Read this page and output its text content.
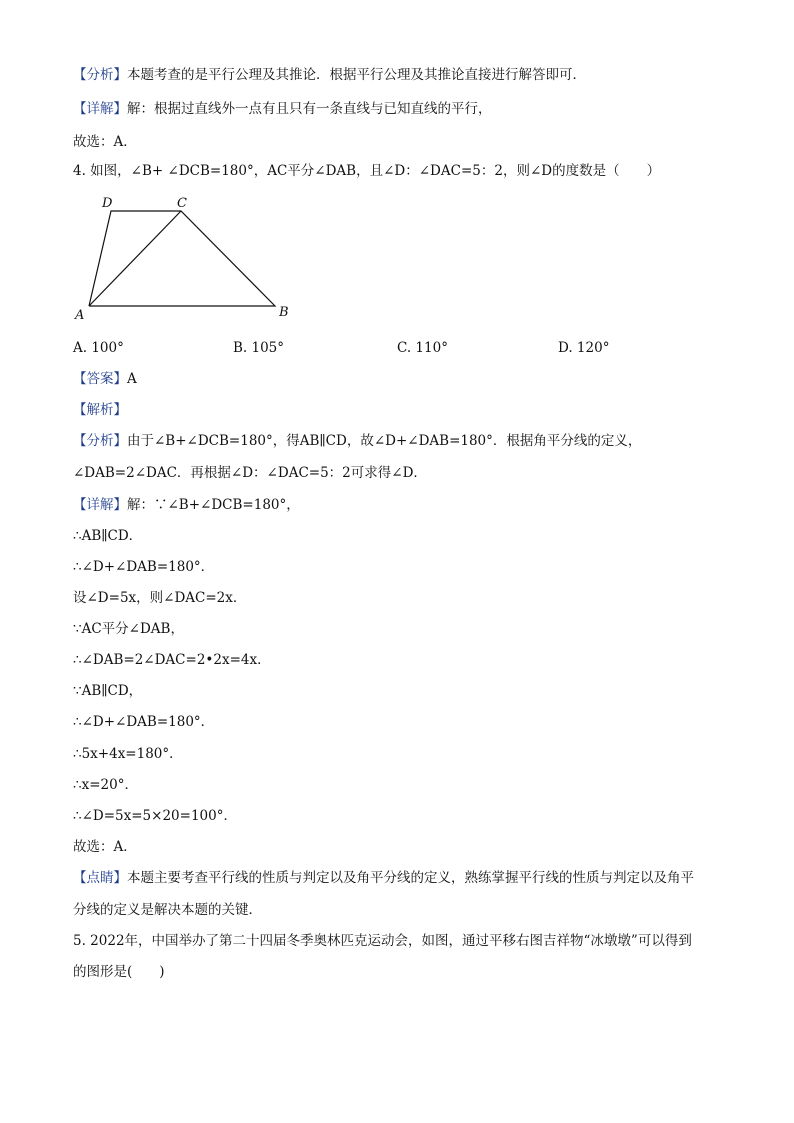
【分析】本题考查的是平行公理及其推论．根据平行公理及其推论直接进行解答即可．
【详解】解：根据过直线外一点有且只有一条直线与已知直线的平行，
故选：A．
4. 如图，∠B+ ∠DCB=180°，AC平分∠DAB，且∠D：∠DAC=5：2，则∠D的度数是（　　）
D	C
A	B
A. 100°	B. 105°	C. 110°	D. 120°
【答案】A
【解析】
【分析】由于∠B+∠DCB=180°，得AB∥CD，故∠D+∠DAB=180°．根据角平分线的定义，
∠DAB=2∠DAC．再根据∠D：∠DAC=5：2可求得∠D．
【详解】解：∵∠B+∠DCB=180°，
∴AB∥CD．
∴∠D+∠DAB=180°．
设∠D=5x，则∠DAC=2x．
∵AC平分∠DAB，
∴∠DAB=2∠DAC=2•2x=4x．
∵AB∥CD，
∴∠D+∠DAB=180°．
∴5x+4x=180°．
∴x=20°．
∴∠D=5x=5×20=100°．
故选：A．
【点睛】本题主要考查平行线的性质与判定以及角平分线的定义，熟练掌握平行线的性质与判定以及角平
分线的定义是解决本题的关键．
5. 2022年，中国举办了第二十四届冬季奥林匹克运动会，如图，通过平移右图吉祥物“冰墩墩”可以得到
的图形是(　　)
